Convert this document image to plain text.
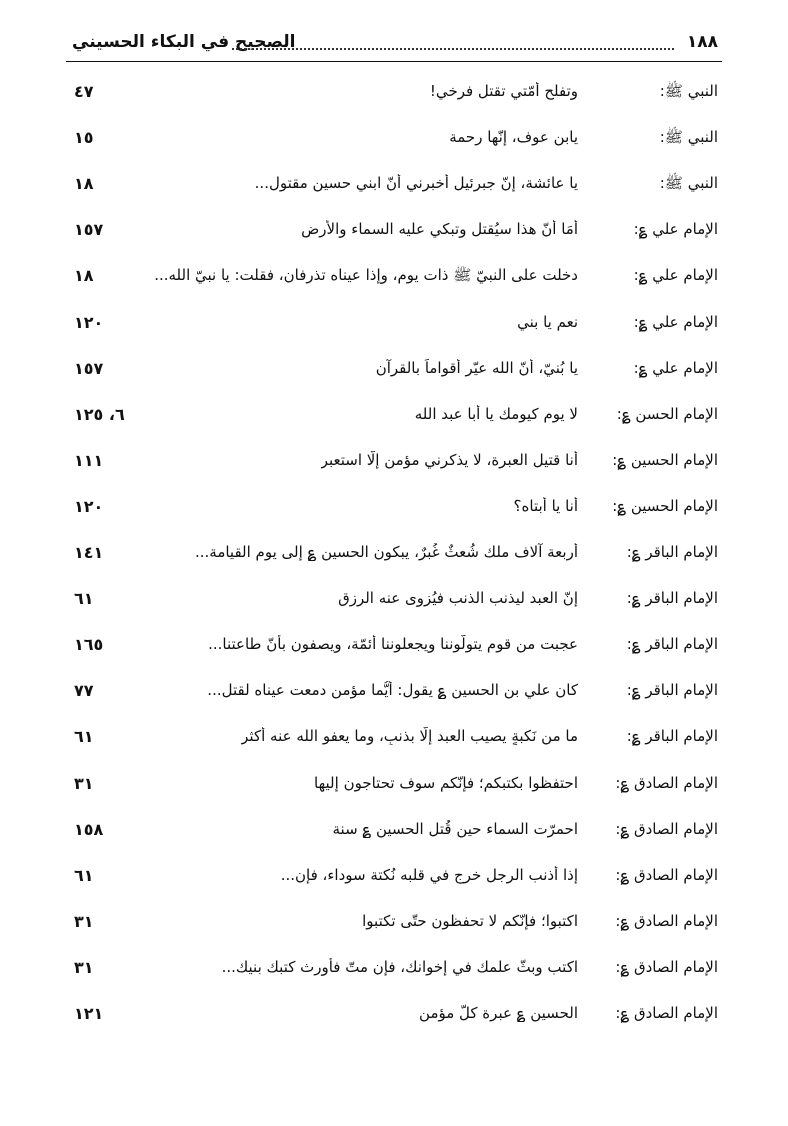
الصحيح في البكاء الحسيني	١٨٨
النبي ﷺ:
وتفلح أُمّتي تقتل فرخي!
٤٧
النبي ﷺ:
يابن عوف، إنّها رحمة
١٥
النبي ﷺ:
يا عائشة، إنّ جبرئيل أخبرني أنّ ابني حسين مقتول...
١٨
الإمام علي ؏:
أمَا أنّ هذا سيُقتل وتبكي عليه السماء والأرض
١٥٧
الإمام علي ؏:
دخلت على النبيّ ﷺ ذات يوم، وإذا عيناه تذرفان، فقلت: يا نبيّ الله...
١٨
الإمام علي ؏:
نعم يا بني
١٢٠
الإمام علي ؏:
يا بُنيّ، أنّ الله عيّر أقواماً بالقرآن
١٥٧
الإمام الحسن ؏:
لا يوم كيومك يا أبا عبد الله
٦، ١٢٥
الإمام الحسين ؏:
أنا قتيل العبرة، لا يذكرني مؤمن إلّا استعبر
١١١
الإمام الحسين ؏:
أنا يا أبتاه؟
١٢٠
الإمام الباقر ؏:
أربعة آلاف ملك شُعثٌ غُبرٌ، يبكون الحسين ؏ إلى يوم القيامة...
١٤١
الإمام الباقر ؏:
إنّ العبد ليذنب الذنب فيُزوى عنه الرزق
٦١
الإمام الباقر ؏:
عجبت من قومٍ يتولّوننا ويجعلوننا أئمّة، ويصفون بأنّ طاعتنا...
١٦٥
الإمام الباقر ؏:
كان علي بن الحسين ؏ يقول: أيُّما مؤمنٍ دمعت عيناه لقتل...
٧٧
الإمام الباقر ؏:
ما من نَكبةٍ يصيب العبد إلّا بذنبٍ، وما يعفو الله عنه أكثر
٦١
الإمام الصادق ؏:
احتفظوا بكتبكم؛ فإنّكم سوف تحتاجون إليها
٣١
الإمام الصادق ؏:
احمرّت السماء حين قُتل الحسين ؏ سنة
١٥٨
الإمام الصادق ؏:
إذا أذنب الرجل خرج في قلبه نُكتة سوداء، فإن...
٦١
الإمام الصادق ؏:
اكتبوا؛ فإنّكم لا تحفظون حتّى تكتبوا
٣١
الإمام الصادق ؏:
اكتب وبثّ علمك في إخوانك، فإن متّ فأورث كتبك بنيك...
٣١
الإمام الصادق ؏:
الحسين ؏ عبرة كلّ مؤمنٍ
١٢١
